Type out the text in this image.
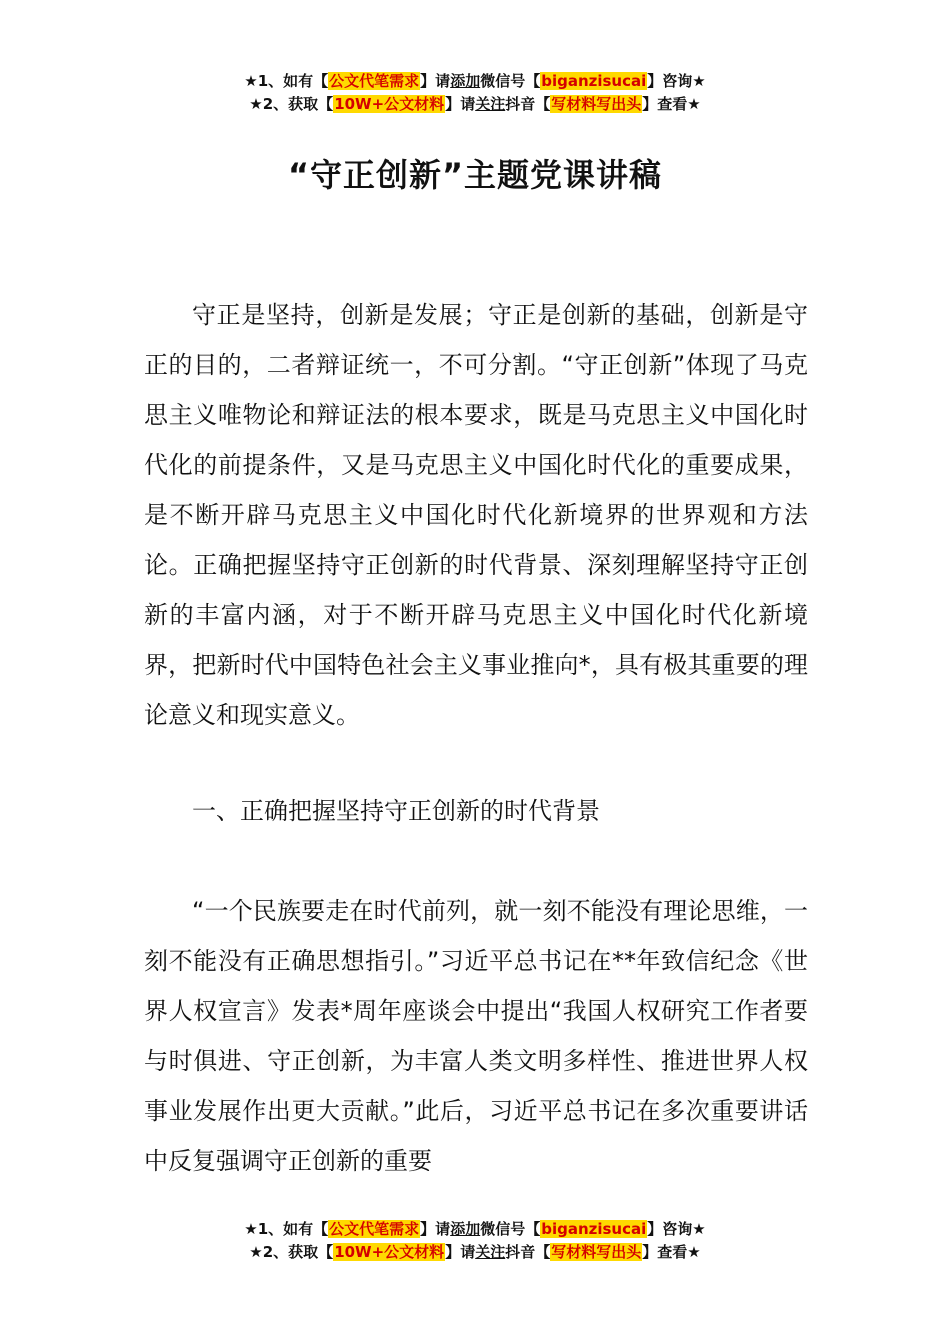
★1、如有【公文代笔需求】请添加微信号【biganzisucai】咨询★
★2、获取【10W+公文材料】请关注抖音【写材料写出头】查看★
“守正创新”主题党课讲稿

守正是坚持，创新是发展；守正是创新的基础，创新是守正的目的，二者辩证统一，不可分割。“守正创新”体现了马克思主义唯物论和辩证法的根本要求，既是马克思主义中国化时代化的前提条件，又是马克思主义中国化时代化的重要成果，是不断开辟马克思主义中国化时代化新境界的世界观和方法论。正确把握坚持守正创新的时代背景、深刻理解坚持守正创新的丰富内涵，对于不断开辟马克思主义中国化时代化新境界，把新时代中国特色社会主义事业推向*，具有极其重要的理论意义和现实意义。

一、正确把握坚持守正创新的时代背景

“一个民族要走在时代前列，就一刻不能没有理论思维，一刻不能没有正确思想指引。”习近平总书记在**年致信纪念《世界人权宣言》发表*周年座谈会中提出“我国人权研究工作者要与时俱进、守正创新，为丰富人类文明多样性、推进世界人权事业发展作出更大贡献。”此后，习近平总书记在多次重要讲话中反复强调守正创新的重要

★1、如有【公文代笔需求】请添加微信号【biganzisucai】咨询★
★2、获取【10W+公文材料】请关注抖音【写材料写出头】查看★
